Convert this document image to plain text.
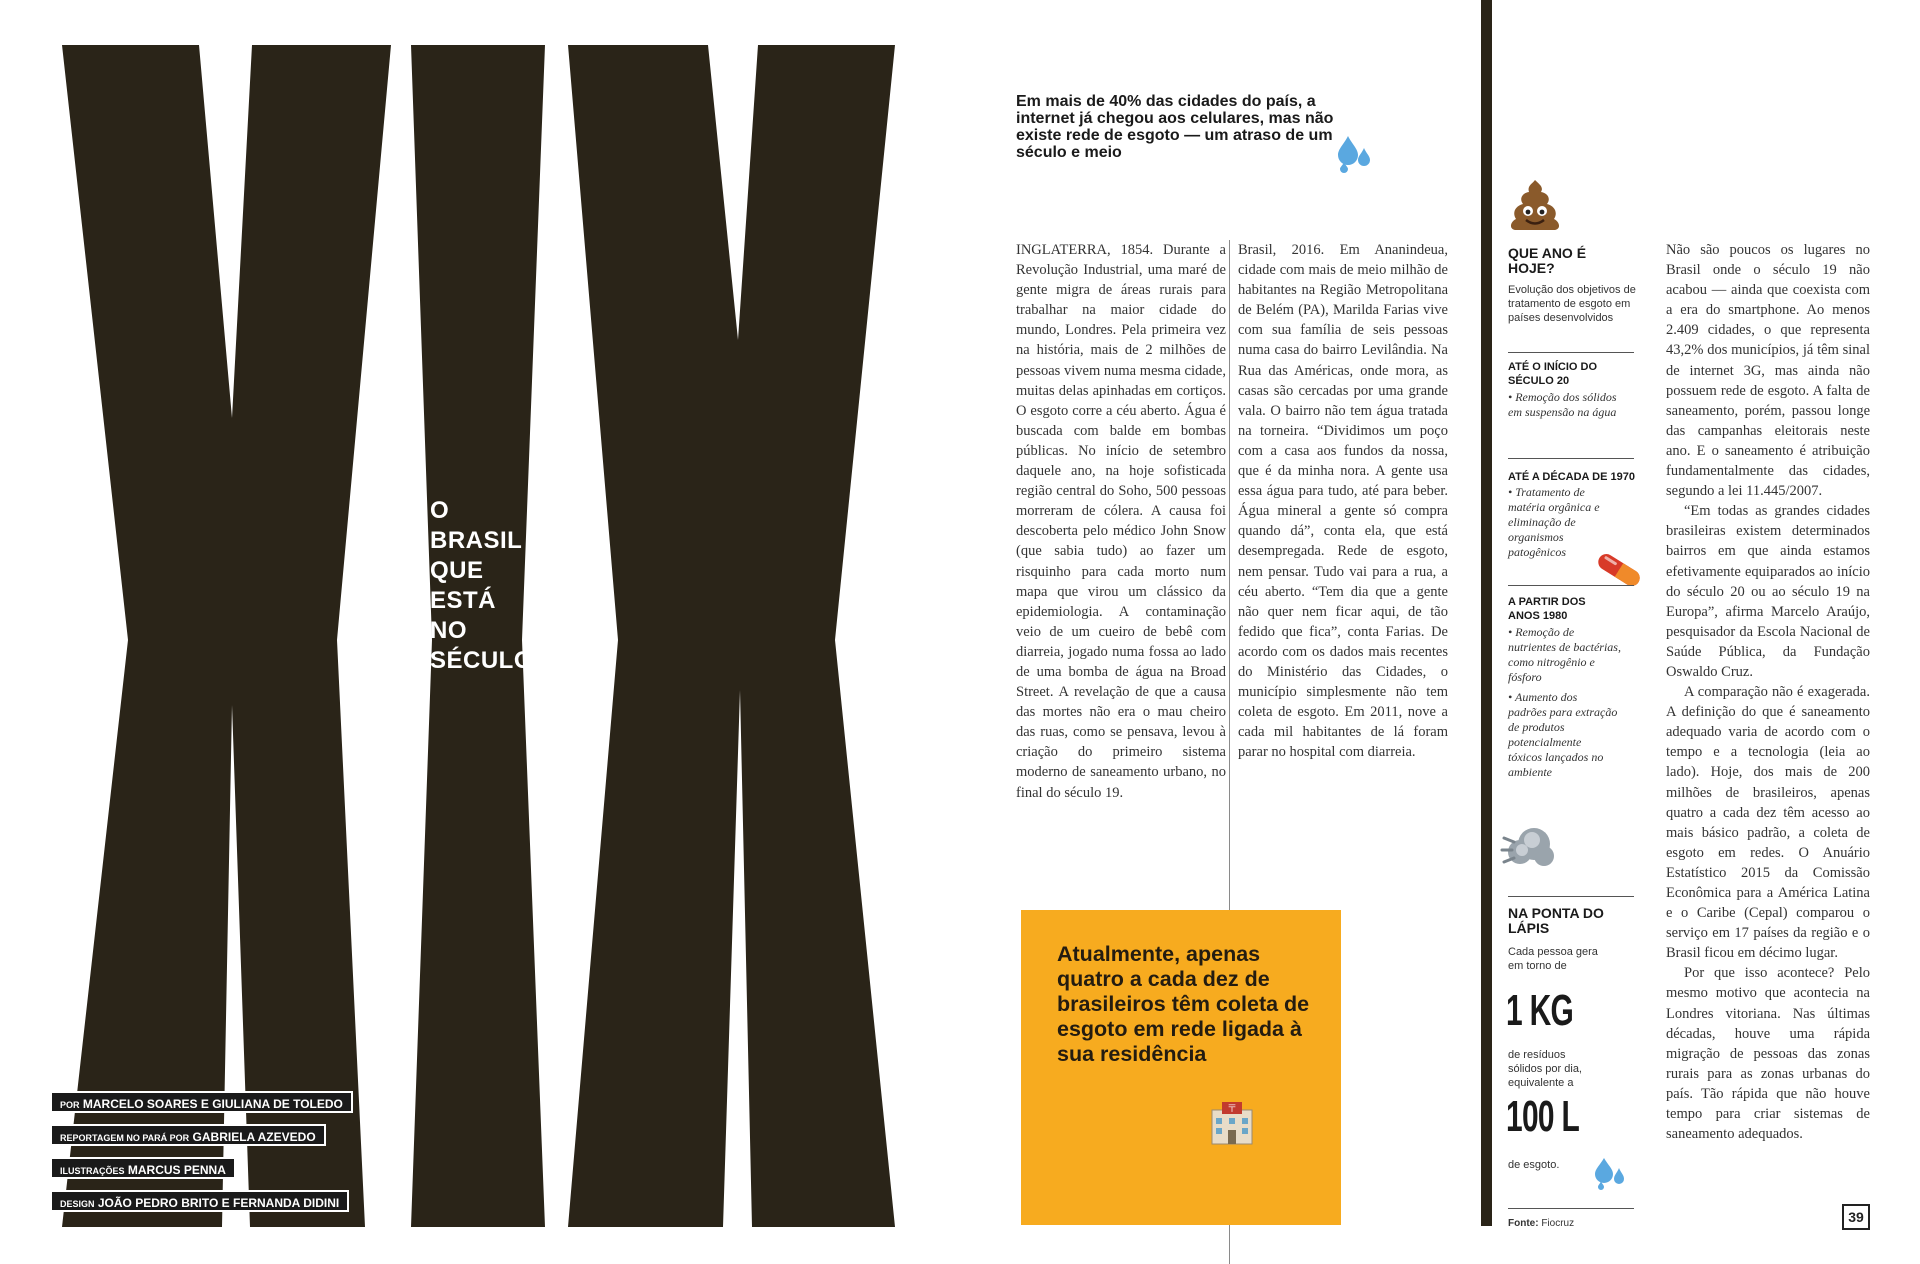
O
BRASIL
QUE
ESTÁ
NO
SÉCULO
POR MARCELO SOARES E GIULIANA DE TOLEDO
REPORTAGEM NO PARÁ POR GABRIELA AZEVEDO
ILUSTRAÇÕES MARCUS PENNA
DESIGN JOÃO PEDRO BRITO E FERNANDA DIDINI
Em mais de 40% das cidades do país, a internet já chegou aos celulares, mas não existe rede de esgoto — um atraso de um século e meio

INGLATERRA, 1854. Durante a Revolução Industrial, uma maré de gente migra de áreas rurais para trabalhar na maior cidade do mundo, Londres. Pela primeira vez na história, mais de 2 milhões de pessoas vivem numa mesma cidade, muitas delas apinhadas em cortiços. O esgoto corre a céu aberto. Água é buscada com balde em bombas públicas. No início de setembro daquele ano, na hoje sofisticada região central do Soho, 500 pessoas morreram de cólera. A causa foi descoberta pelo médico John Snow (que sabia tudo) ao fazer um risquinho para cada morto num mapa que virou um clássico da epidemiologia. A contaminação veio de um cueiro de bebê com diarreia, jogado numa fossa ao lado de uma bomba de água na Broad Street. A revelação de que a causa das mortes não era o mau cheiro das ruas, como se pensava, levou à criação do primeiro sistema moderno de saneamento urbano, no final do século 19.

Brasil, 2016. Em Ananindeua, cidade com mais de meio milhão de habitantes na Região Metropolitana de Belém (PA), Marilda Farias vive com sua família de seis pessoas numa casa do bairro Levilândia. Na Rua das Américas, onde mora, as casas são cercadas por uma grande vala. O bairro não tem água tratada na torneira. “Dividimos um poço com a casa aos fundos da nossa, que é da minha nora. A gente usa essa água para tudo, até para beber. Água mineral a gente só compra quando dá”, conta ela, que está desempregada. Rede de esgoto, nem pensar. Tudo vai para a rua, a céu aberto. “Tem dia que a gente não quer nem ficar aqui, de tão fedido que fica”, conta Farias. De acordo com os dados mais recentes do Ministério das Cidades, o município simplesmente não tem coleta de esgoto. Em 2011, nove a cada mil habitantes de lá foram parar no hospital com diarreia.

Atualmente, apenas quatro a cada dez de brasileiros têm coleta de esgoto em rede ligada à sua residência
〒
QUE ANO É HOJE?
Evolução dos objetivos de tratamento de esgoto em países desenvolvidos
ATÉ O INÍCIO DO SÉCULO 20
• Remoção dos sólidos em suspensão na água
ATÉ A DÉCADA DE 1970
• Tratamento de matéria orgânica e eliminação de organismos patogênicos
A PARTIR DOS ANOS 1980
• Remoção de nutrientes de bactérias, como nitrogênio e fósforo
• Aumento dos padrões para extração de produtos potencialmente tóxicos lançados no ambiente
NA PONTA DO LÁPIS
Cada pessoa gera em torno de
1 KG
de resíduos sólidos por dia, equivalente a
100 L
de esgoto.
Fonte: Fiocruz

Não são poucos os lugares no Brasil onde o século 19 não acabou — ainda que coexista com a era do smartphone. Ao menos 2.409 cidades, o que representa 43,2% dos municípios, já têm sinal de internet 3G, mas ainda não possuem rede de esgoto. A falta de saneamento, porém, passou longe das campanhas eleitorais neste ano. E o saneamento é atribuição fundamentalmente das cidades, segundo a lei 11.445/2007.

“Em todas as grandes cidades brasileiras existem determinados bairros em que ainda estamos efetivamente equiparados ao início do século 20 ou ao século 19 na Europa”, afirma Marcelo Araújo, pesquisador da Escola Nacional de Saúde Pública, da Fundação Oswaldo Cruz.

A comparação não é exagerada. A definição do que é saneamento adequado varia de acordo com o tempo e a tecnologia (leia ao lado). Hoje, dos mais de 200 milhões de brasileiros, apenas quatro a cada dez têm acesso ao mais básico padrão, a coleta de esgoto em redes. O Anuário Estatístico 2015 da Comissão Econômica para a América Latina e o Caribe (Cepal) comparou o serviço em 17 países da região e o Brasil ficou em décimo lugar.

Por que isso acontece? Pelo mesmo motivo que acontecia na Londres vitoriana. Nas últimas décadas, houve uma rápida migração de pessoas das zonas rurais para as zonas urbanas do país. Tão rápida que não houve tempo para criar sistemas de saneamento adequados.

39
